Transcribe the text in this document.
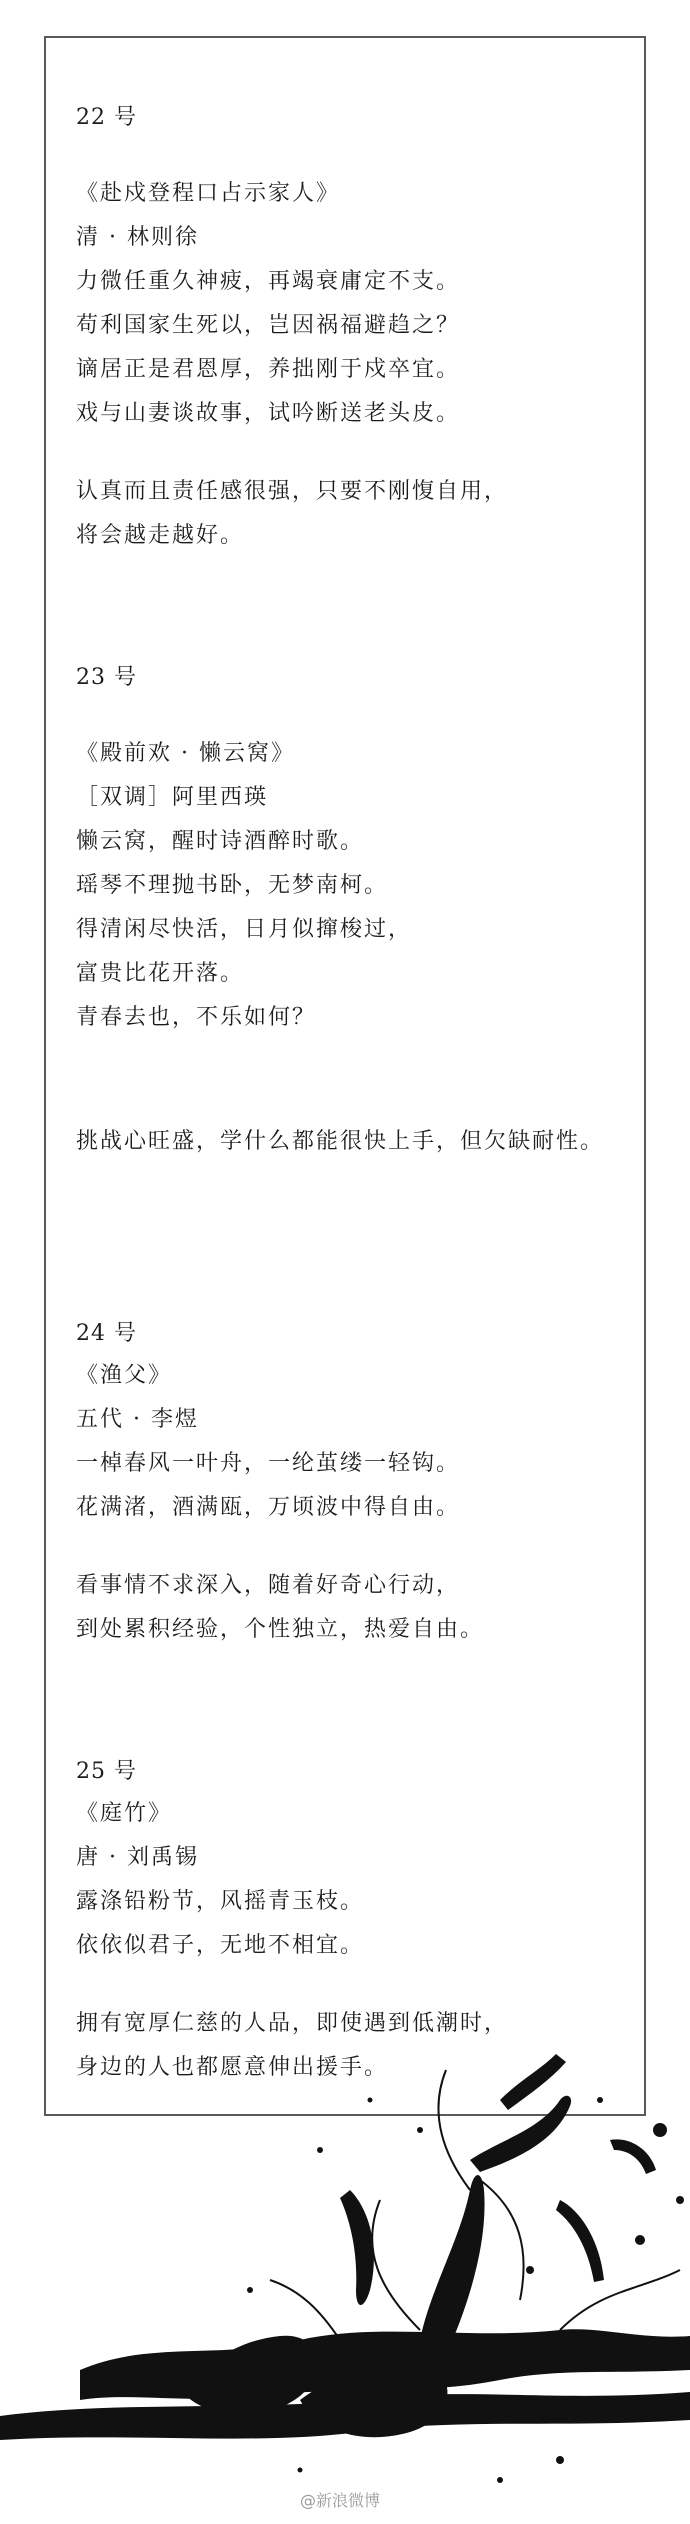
22 号

《赴戍登程口占示家人》

清 · 林则徐

力微任重久神疲，再竭衰庸定不支。

苟利国家生死以，岂因祸福避趋之？

谪居正是君恩厚，养拙刚于戍卒宜。

戏与山妻谈故事，试吟断送老头皮。

认真而且责任感很强，只要不刚愎自用，

将会越走越好。

23 号

《殿前欢 · 懒云窝》

［双调］阿里西瑛

懒云窝，醒时诗酒醉时歌。

瑶琴不理抛书卧，无梦南柯。

得清闲尽快活，日月似撺梭过，

富贵比花开落。

青春去也，不乐如何？

挑战心旺盛，学什么都能很快上手，但欠缺耐性。

24 号

《渔父》

五代 · 李煜

一棹春风一叶舟，一纶茧缕一轻钩。

花满渚，酒满瓯，万顷波中得自由。

看事情不求深入，随着好奇心行动，

到处累积经验，个性独立，热爱自由。

25 号

《庭竹》

唐 · 刘禹锡

露涤铅粉节，风摇青玉枝。

依依似君子，无地不相宜。

拥有宽厚仁慈的人品，即使遇到低潮时，

身边的人也都愿意伸出援手。

@新浪微博
